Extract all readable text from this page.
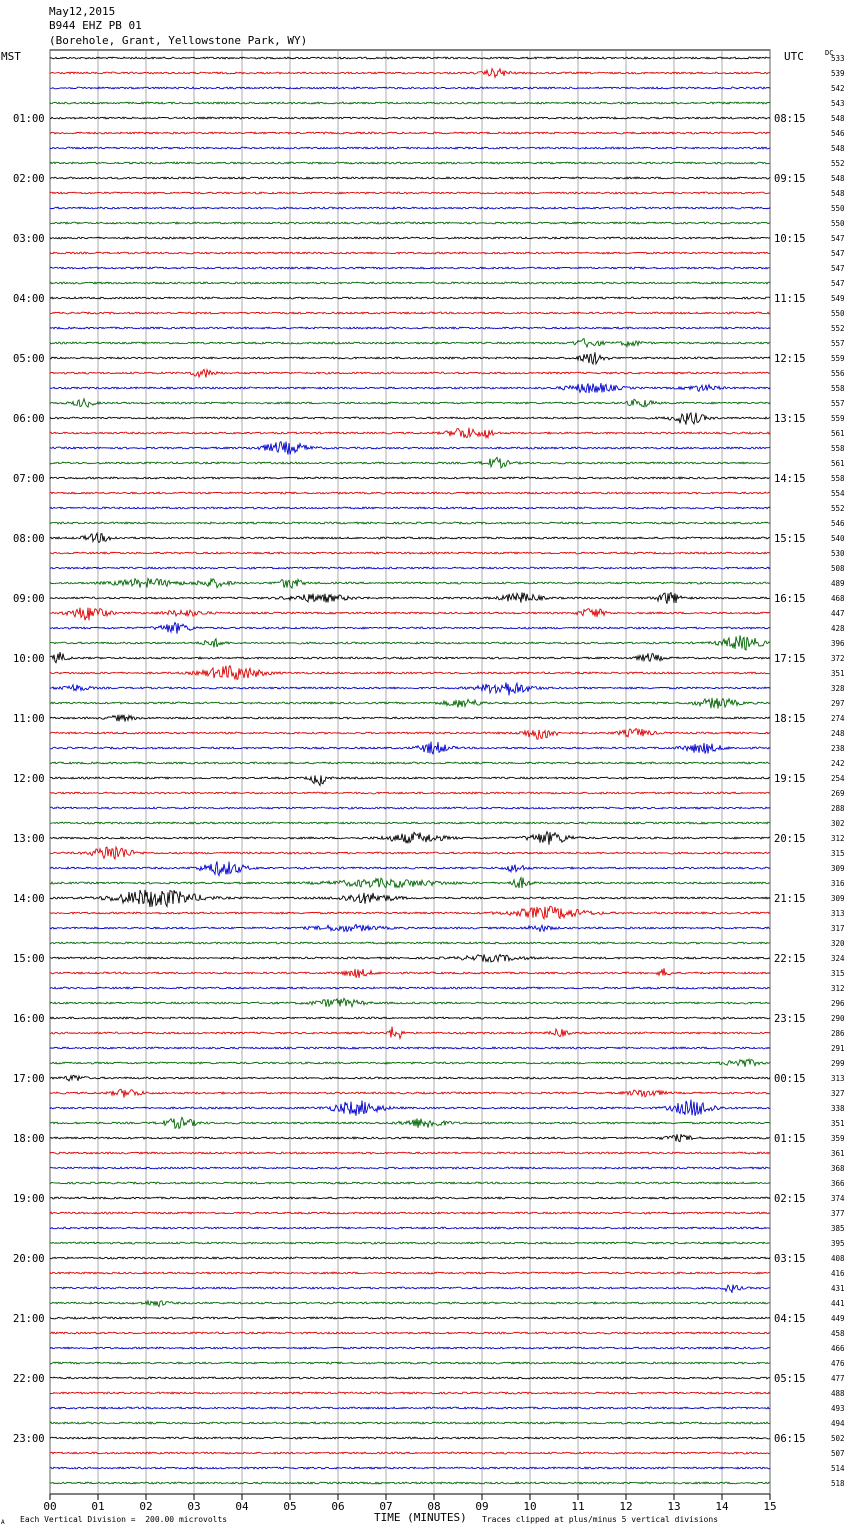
May12,2015
B944 EHZ PB 01
(Borehole, Grant, Yellowstone Park, WY)
MST	UTC	DC
00	01	02	03	04	05	06	07	08	09	10	11	12	13	14	15
533
539
542
543
548
546
548
552
548
548
550
550
547
547
547
547
549
550
552
557
559
556
558
557
559
561
558
561
558
554
552
546
540
530
508
489
468
447
428
396
372
351
328
297
274
248
238
242
254
269
288
302
312
315
309
316
309
313
317
320
324
315
312
296
290
286
291
299
313
327
338
351
359
361
368
366
374
377
385
395
408
416
431
441
449
458
466
476
477
488
493
494
502
507
514
518
01:00
02:00
03:00
04:00
05:00
06:00
07:00
08:00
09:00
10:00
11:00
12:00
13:00
14:00
15:00
16:00
17:00
18:00
19:00
20:00
21:00
22:00
23:00
08:15
09:15
10:15
11:15
12:15
13:15
14:15
15:15
16:15
17:15
18:15
19:15
20:15
21:15
22:15
23:15
00:15
01:15
02:15
03:15
04:15
05:15
06:15
A Each Vertical Division =  200.00 microvolts	TIME (MINUTES) Traces clipped at plus/minus 5 vertical divisions
